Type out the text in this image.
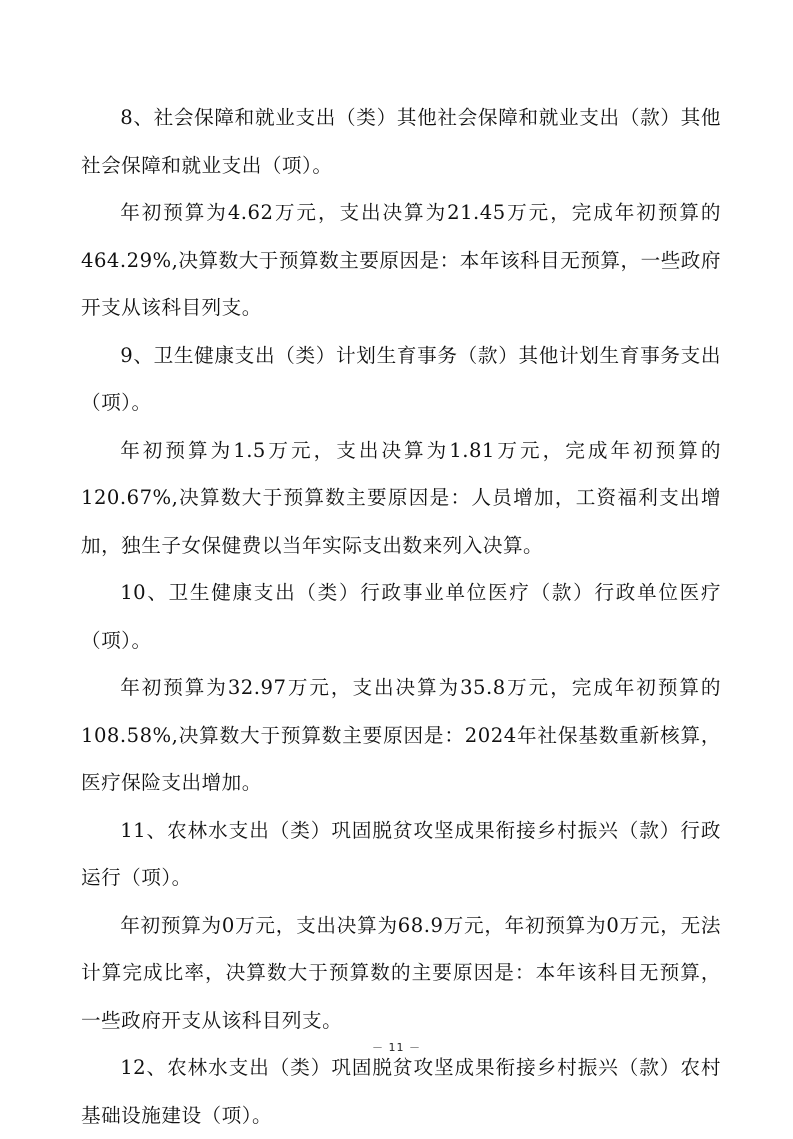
8、社会保障和就业支出（类）其他社会保障和就业支出（款）其他社会保障和就业支出（项）。

年初预算为4.62万元，支出决算为21.45万元，完成年初预算的464.29%,决算数大于预算数主要原因是：本年该科目无预算，一些政府开支从该科目列支。

9、卫生健康支出（类）计划生育事务（款）其他计划生育事务支出（项）。

年初预算为1.5万元，支出决算为1.81万元，完成年初预算的120.67%,决算数大于预算数主要原因是：人员增加，工资福利支出增加，独生子女保健费以当年实际支出数来列入决算。

10、卫生健康支出（类）行政事业单位医疗（款）行政单位医疗（项）。

年初预算为32.97万元，支出决算为35.8万元，完成年初预算的108.58%,决算数大于预算数主要原因是：2024年社保基数重新核算，医疗保险支出增加。

11、农林水支出（类）巩固脱贫攻坚成果衔接乡村振兴（款）行政运行（项）。

年初预算为0万元，支出决算为68.9万元，年初预算为0万元，无法计算完成比率，决算数大于预算数的主要原因是：本年该科目无预算，一些政府开支从该科目列支。

12、农林水支出（类）巩固脱贫攻坚成果衔接乡村振兴（款）农村基础设施建设（项）。

－ 11 －
